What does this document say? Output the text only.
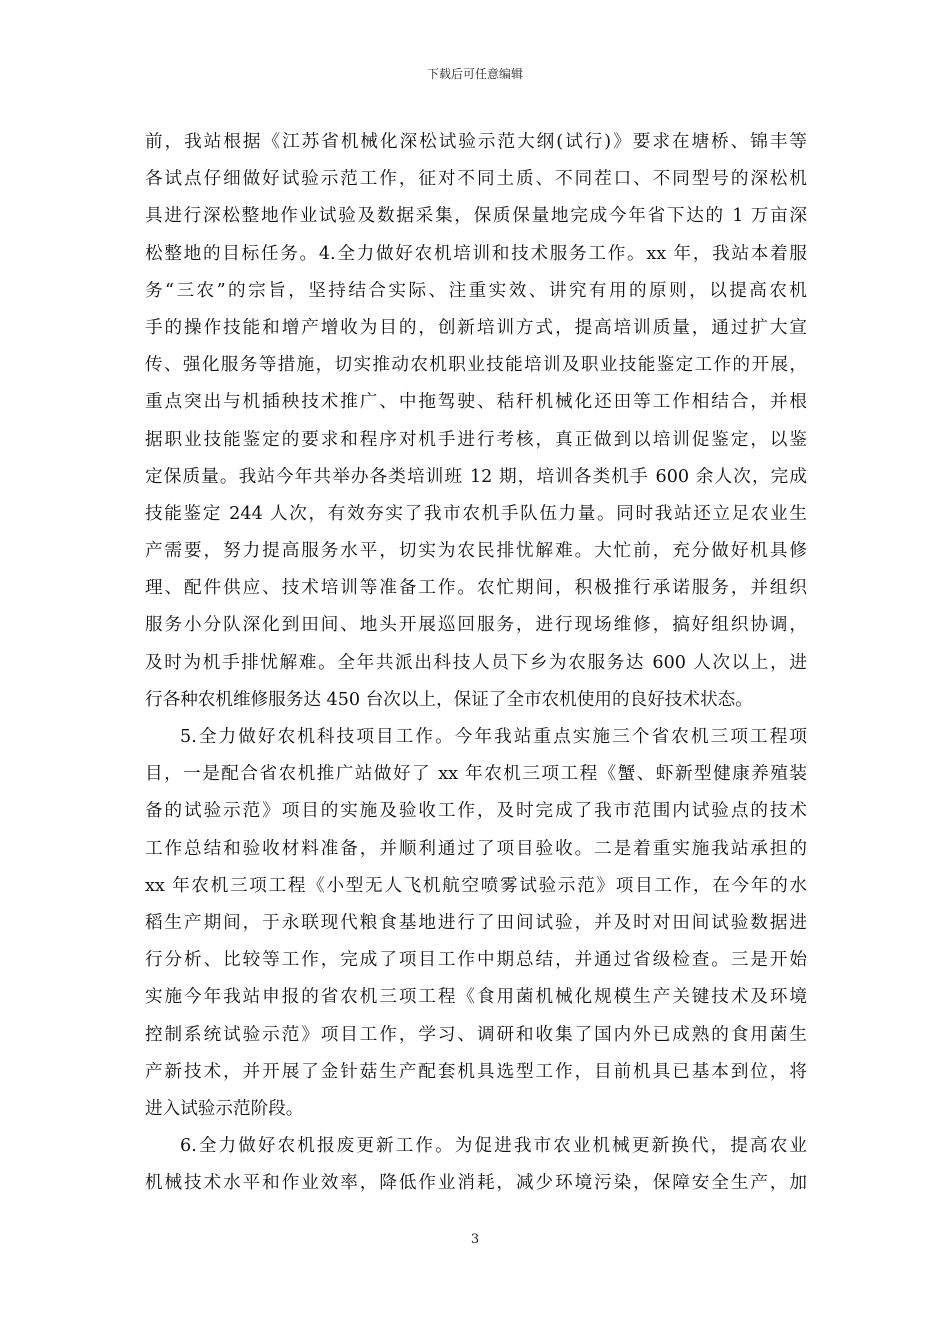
下载后可任意编辑
前，我站根据《江苏省机械化深松试验示范大纲(试行)》要求在塘桥、锦丰等
各试点仔细做好试验示范工作，征对不同土质、不同茬口、不同型号的深松机
具进行深松整地作业试验及数据采集，保质保量地完成今年省下达的 1 万亩深
松整地的目标任务。4.全力做好农机培训和技术服务工作。xx 年，我站本着服
务“三农”的宗旨，坚持结合实际、注重实效、讲究有用的原则，以提高农机
手的操作技能和增产增收为目的，创新培训方式，提高培训质量，通过扩大宣
传、强化服务等措施，切实推动农机职业技能培训及职业技能鉴定工作的开展，
重点突出与机插秧技术推广、中拖驾驶、秸秆机械化还田等工作相结合，并根
据职业技能鉴定的要求和程序对机手进行考核，真正做到以培训促鉴定，以鉴
定保质量。我站今年共举办各类培训班 12 期，培训各类机手 600 余人次，完成
技能鉴定 244 人次，有效夯实了我市农机手队伍力量。同时我站还立足农业生
产需要，努力提高服务水平，切实为农民排忧解难。大忙前，充分做好机具修
理、配件供应、技术培训等准备工作。农忙期间，积极推行承诺服务，并组织
服务小分队深化到田间、地头开展巡回服务，进行现场维修，搞好组织协调，
及时为机手排忧解难。全年共派出科技人员下乡为农服务达 600 人次以上，进
行各种农机维修服务达 450 台次以上，保证了全市农机使用的良好技术状态。
5.全力做好农机科技项目工作。今年我站重点实施三个省农机三项工程项
目，一是配合省农机推广站做好了 xx 年农机三项工程《蟹、虾新型健康养殖装
备的试验示范》项目的实施及验收工作，及时完成了我市范围内试验点的技术
工作总结和验收材料准备，并顺利通过了项目验收。二是着重实施我站承担的
xx 年农机三项工程《小型无人飞机航空喷雾试验示范》项目工作，在今年的水
稻生产期间，于永联现代粮食基地进行了田间试验，并及时对田间试验数据进
行分析、比较等工作，完成了项目工作中期总结，并通过省级检查。三是开始
实施今年我站申报的省农机三项工程《食用菌机械化规模生产关键技术及环境
控制系统试验示范》项目工作，学习、调研和收集了国内外已成熟的食用菌生
产新技术，并开展了金针菇生产配套机具选型工作，目前机具已基本到位，将
进入试验示范阶段。
6.全力做好农机报废更新工作。为促进我市农业机械更新换代，提高农业
机械技术水平和作业效率，降低作业消耗，减少环境污染，保障安全生产，加
3
